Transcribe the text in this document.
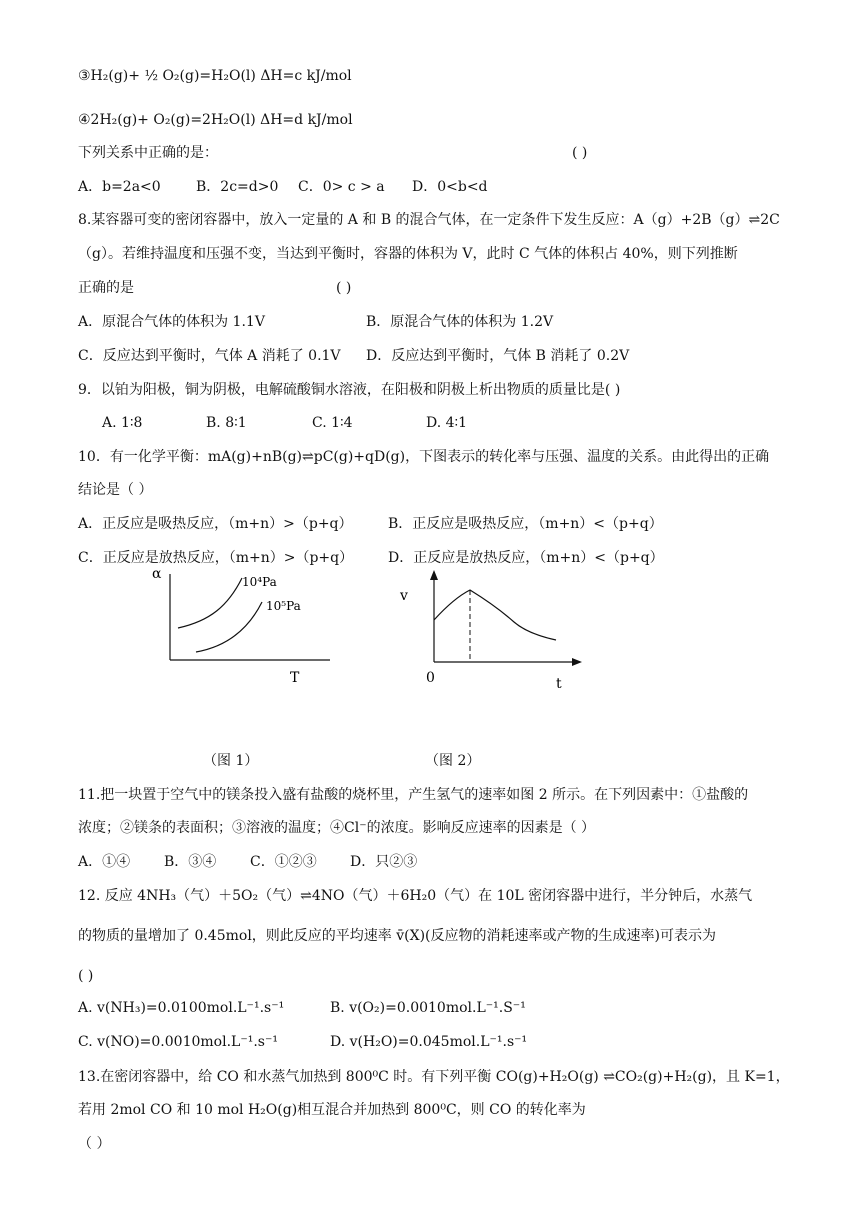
③H₂(g)+ ½ O₂(g)=H₂O(l) ΔH=c kJ/mol
④2H₂(g)+ O₂(g)=2H₂O(l) ΔH=d kJ/mol
下列关系中正确的是：	( )
A．b=2a<0	B．2c=d>0 C．0> c > a D．0<b<d
8.某容器可变的密闭容器中，放入一定量的 A 和 B 的混合气体，在一定条件下发生反应：A（g）+2B（g）⇌2C
（g）。若维持温度和压强不变，当达到平衡时，容器的体积为 V，此时 C 气体的体积占 40%，则下列推断
正确的是	( )
A．原混合气体的体积为 1.1V	B．原混合气体的体积为 1.2V
C．反应达到平衡时，气体 A 消耗了 0.1V D．反应达到平衡时，气体 B 消耗了 0.2V
9．以铂为阳极，铜为阴极，电解硫酸铜水溶液，在阳极和阴极上析出物质的质量比是( )
A. 1∶8	B. 8∶1	C. 1∶4	D. 4∶1
10．有一化学平衡：mA(g)+nB(g)⇌pC(g)+qD(g)，下图表示的转化率与压强、温度的关系。由此得出的正确
结论是（ ）
A．正反应是吸热反应，（m+n）>（p+q）	B．正反应是吸热反应，（m+n）<（p+q）
C．正反应是放热反应，（m+n）>（p+q） D．正反应是放热反应，（m+n）<（p+q）
α	10⁴Pa
10⁵Pa
T
v
0	t
（图 1）	（图 2）
11.把一块置于空气中的镁条投入盛有盐酸的烧杯里，产生氢气的速率如图 2 所示。在下列因素中：①盐酸的
浓度；②镁条的表面积；③溶液的温度；④Cl⁻的浓度。影响反应速率的因素是（ ）
A．①④ B．③④ C．①②③ D．只②③
12. 反应 4NH₃（气）＋5O₂（气）⇌4NO（气）＋6H₂0（气）在 10L 密闭容器中进行，半分钟后，水蒸气
的物质的量增加了 0.45mol，则此反应的平均速率 v̄(X)(反应物的消耗速率或产物的生成速率)可表示为
( )
A. v(NH₃)=0.0100mol.L⁻¹.s⁻¹	B. v(O₂)=0.0010mol.L⁻¹.S⁻¹
C. v(NO)=0.0010mol.L⁻¹.s⁻¹	D. v(H₂O)=0.045mol.L⁻¹.s⁻¹
13.在密闭容器中，给 CO 和水蒸气加热到 800⁰C 时。有下列平衡 CO(g)+H₂O(g) ⇌CO₂(g)+H₂(g)，且 K=1，
若用 2mol CO 和 10 mol H₂O(g)相互混合并加热到 800⁰C，则 CO 的转化率为
（ ）
